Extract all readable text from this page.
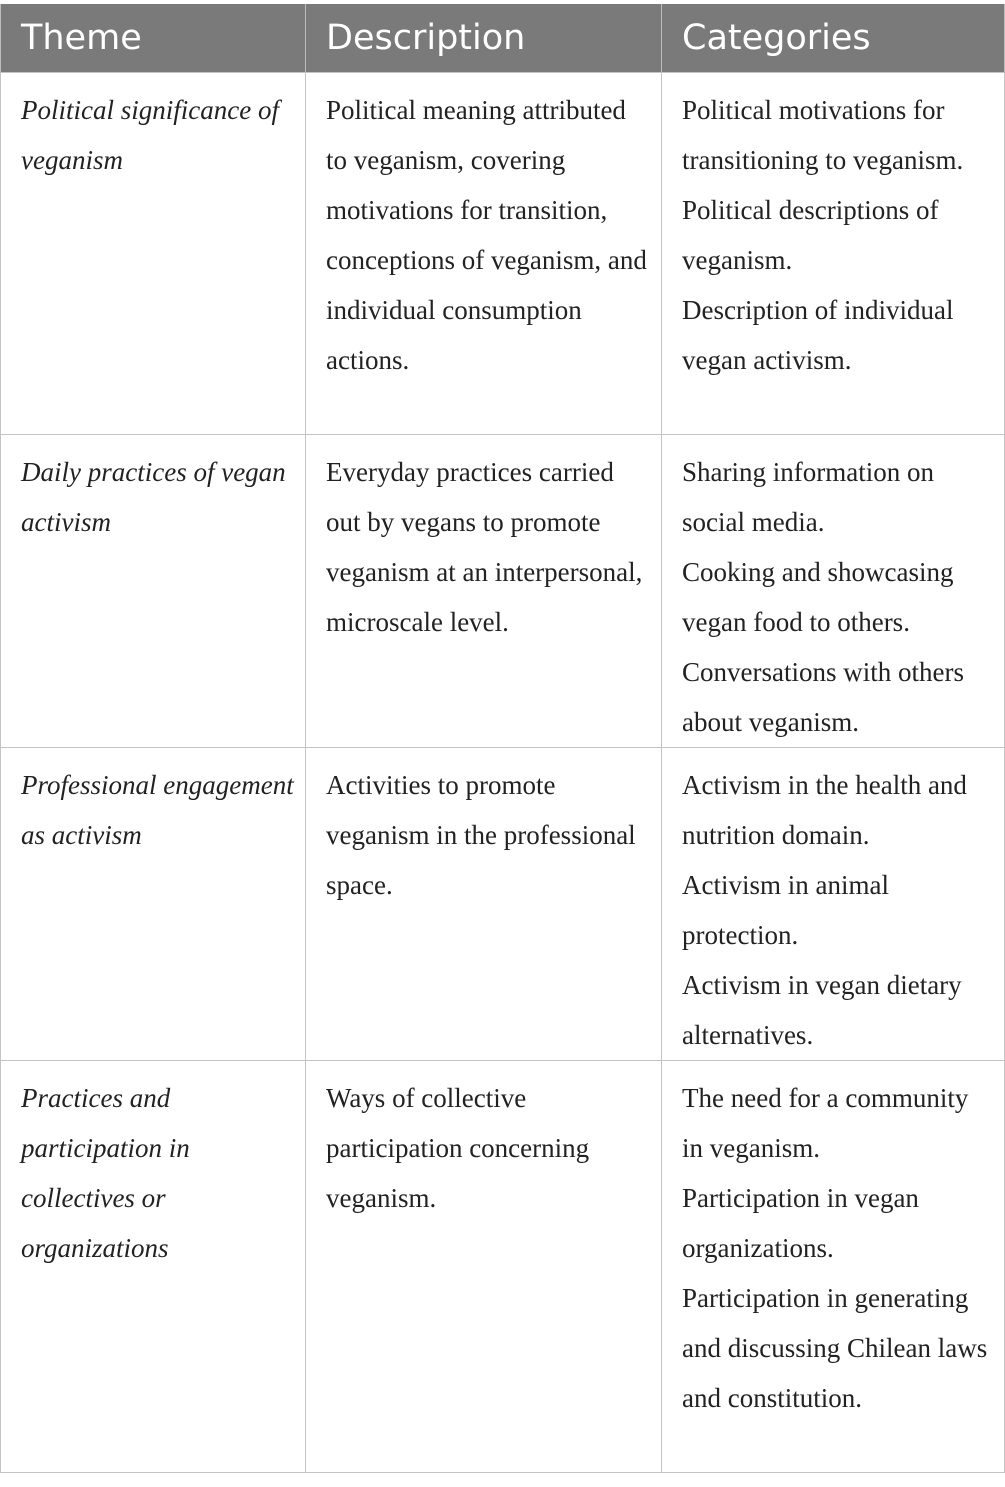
Theme	Description	Categories
Political significance of veganism	Political meaning attributed to veganism, covering motivations for transition, conceptions of veganism, and individual consumption actions.	Political motivations for transitioning to veganism.
Political descriptions of veganism.
Description of individual vegan activism.

Daily practices of vegan activism	Everyday practices carried out by vegans to promote veganism at an interpersonal, microscale level.	Sharing information on social media.
Cooking and showcasing vegan food to others.
Conversations with others about veganism.

Professional engagement as activism	Activities to promote veganism in the professional space.	Activism in the health and nutrition domain.
Activism in animal protection.
Activism in vegan dietary alternatives.

Practices and participation in collectives or organizations	Ways of collective participation concerning veganism.	The need for a community in veganism.
Participation in vegan organizations.
Participation in generating and discussing Chilean laws and constitution.
